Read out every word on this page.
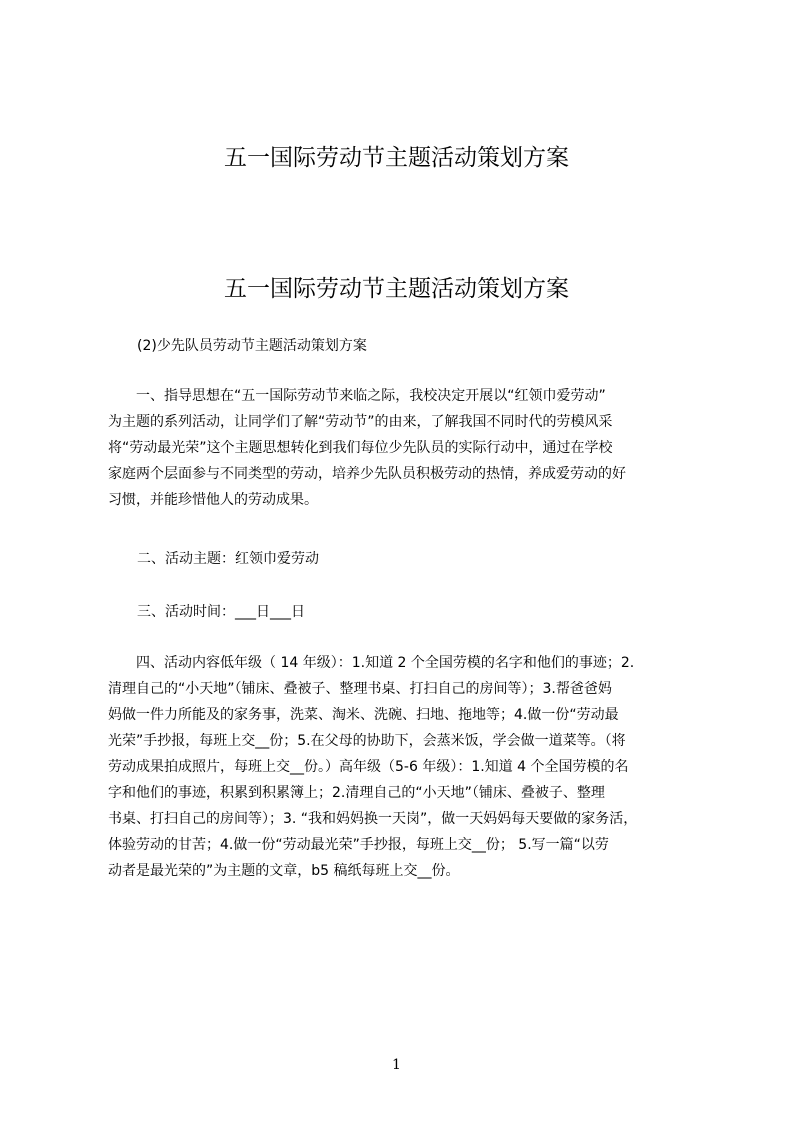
五一国际劳动节主题活动策划方案
五一国际劳动节主题活动策划方案
(2)少先队员劳动节主题活动策划方案
一、指导思想在“五一国际劳动节来临之际，我校决定开展以“红领巾爱劳动”
为主题的系列活动，让同学们了解“劳动节”的由来，了解我国不同时代的劳模风采
将“劳动最光荣”这个主题思想转化到我们每位少先队员的实际行动中，通过在学校
家庭两个层面参与不同类型的劳动，培养少先队员积极劳动的热情，养成爱劳动的好
习惯，并能珍惜他人的劳动成果。
二、活动主题：红领巾爱劳动
三、活动时间：___日___日
四、活动内容低年级（ 14 年级）：1.知道 2 个全国劳模的名字和他们的事迹；2.
清理自己的“小天地”（铺床、叠被子、整理书桌、打扫自己的房间等）；3.帮爸爸妈
妈做一件力所能及的家务事，洗菜、淘米、洗碗、扫地、拖地等；4.做一份“劳动最
光荣”手抄报，每班上交__份；5.在父母的协助下，会蒸米饭，学会做一道菜等。（将
劳动成果拍成照片，每班上交__份。）高年级（5-6 年级）：1.知道 4 个全国劳模的名
字和他们的事迹，积累到积累簿上；2.清理自己的“小天地”（铺床、叠被子、整理
书桌、打扫自己的房间等）；3. “我和妈妈换一天岗”，做一天妈妈每天要做的家务活，
体验劳动的甘苦；4.做一份“劳动最光荣”手抄报，每班上交__份； 5.写一篇“以劳
动者是最光荣的”为主题的文章，b5 稿纸每班上交__份。
1
